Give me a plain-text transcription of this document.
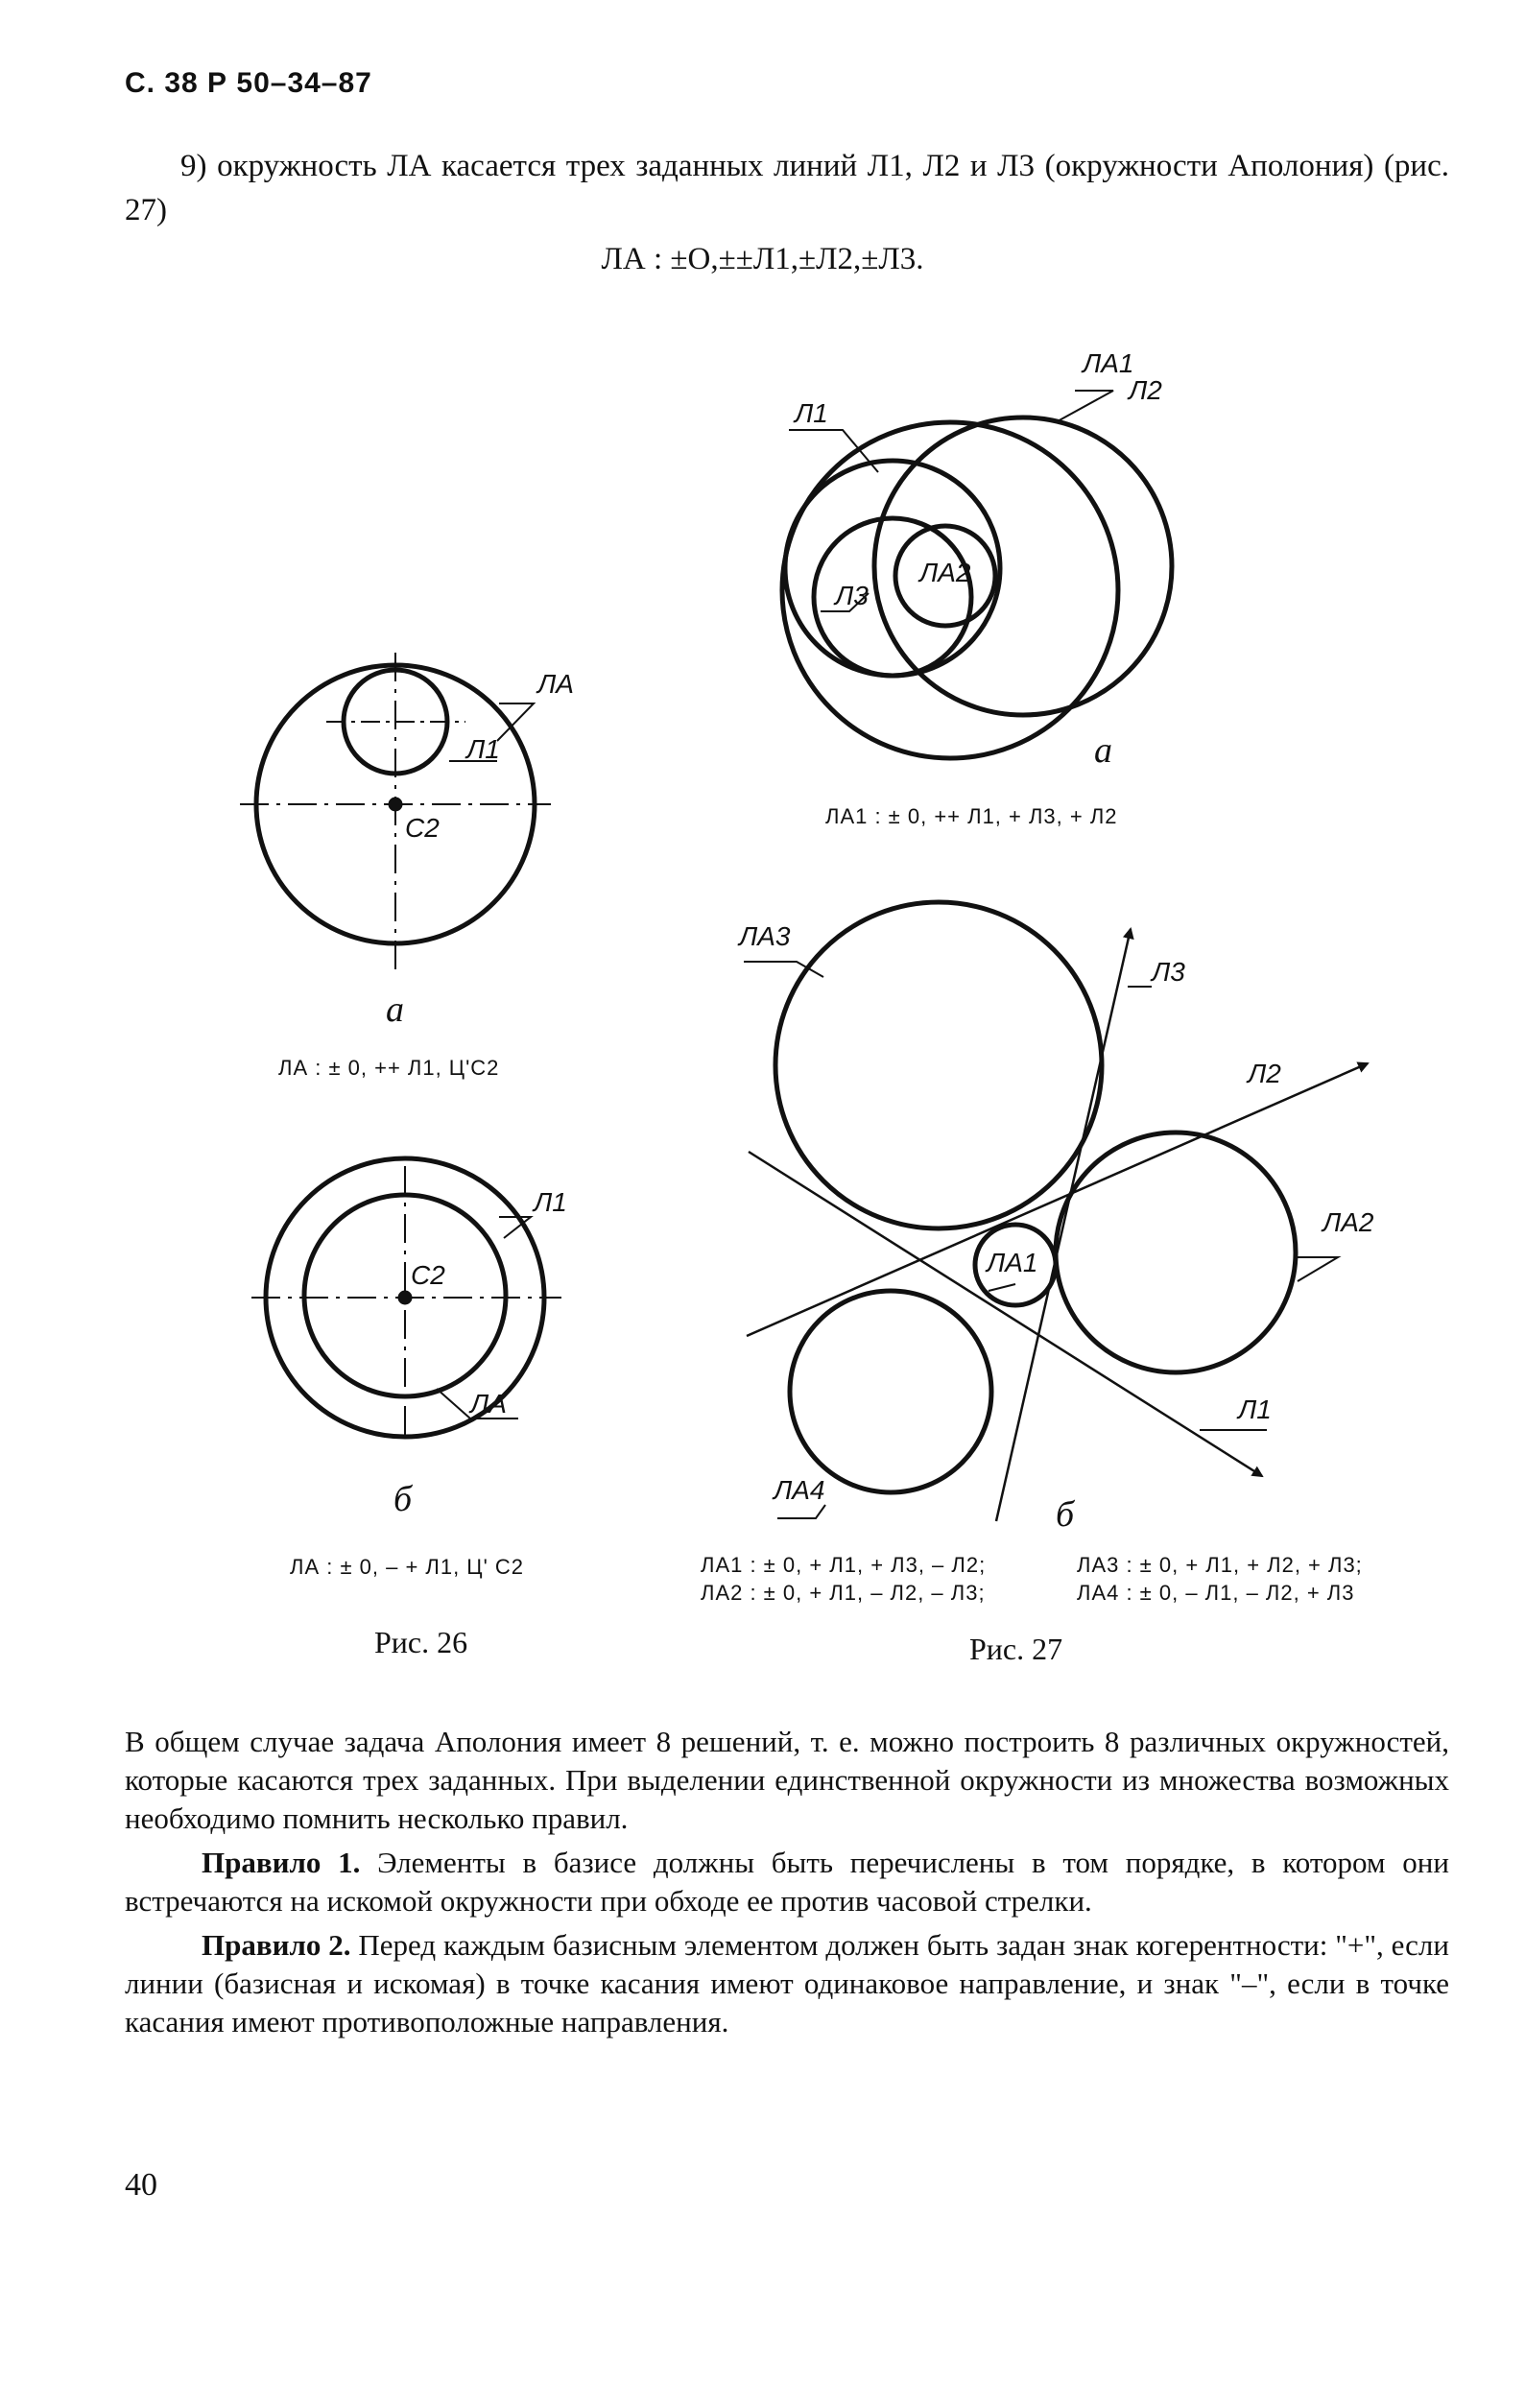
С. 38 Р 50–34–87
9) окружность ЛА касается трех заданных линий Л1, Л2 и Л3 (окружности Аполония) (рис. 27)
ЛА : ±О,±±Л1,±Л2,±Л3.
ЛА
Л1
С2
Л1
ЛА
С2
ЛА1
Л2
Л1
Л3
ЛА2
ЛА3
Л3
Л2
ЛА2
ЛА1
Л1
ЛА4
а
ЛА : ± 0, ++ Л1, Ц'С2
б
ЛА : ± 0, – + Л1, Ц' С2
Рис. 26
а
ЛА1 : ± 0, ++ Л1, + Л3, + Л2
б
ЛА1 : ± 0, + Л1, + Л3, – Л2;
ЛА2 : ± 0, + Л1, – Л2, – Л3;
ЛА3 : ± 0, + Л1, + Л2, + Л3;
ЛА4 : ± 0, – Л1, – Л2, + Л3
Рис. 27

В общем случае задача Аполония имеет 8 решений, т. е. можно построить 8 различных окружностей, которые касаются трех заданных. При выделении единственной окружности из множества возможных необходимо помнить несколько правил.

Правило 1. Элементы в базисе должны быть перечислены в том порядке, в котором они встречаются на искомой окружности при обходе ее против часовой стрелки.

Правило 2. Перед каждым базисным элементом должен быть задан знак когерентности: "+", если линии (базисная и искомая) в точке касания имеют одинаковое направление, и знак "–", если в точке касания имеют противоположные направления.

40
